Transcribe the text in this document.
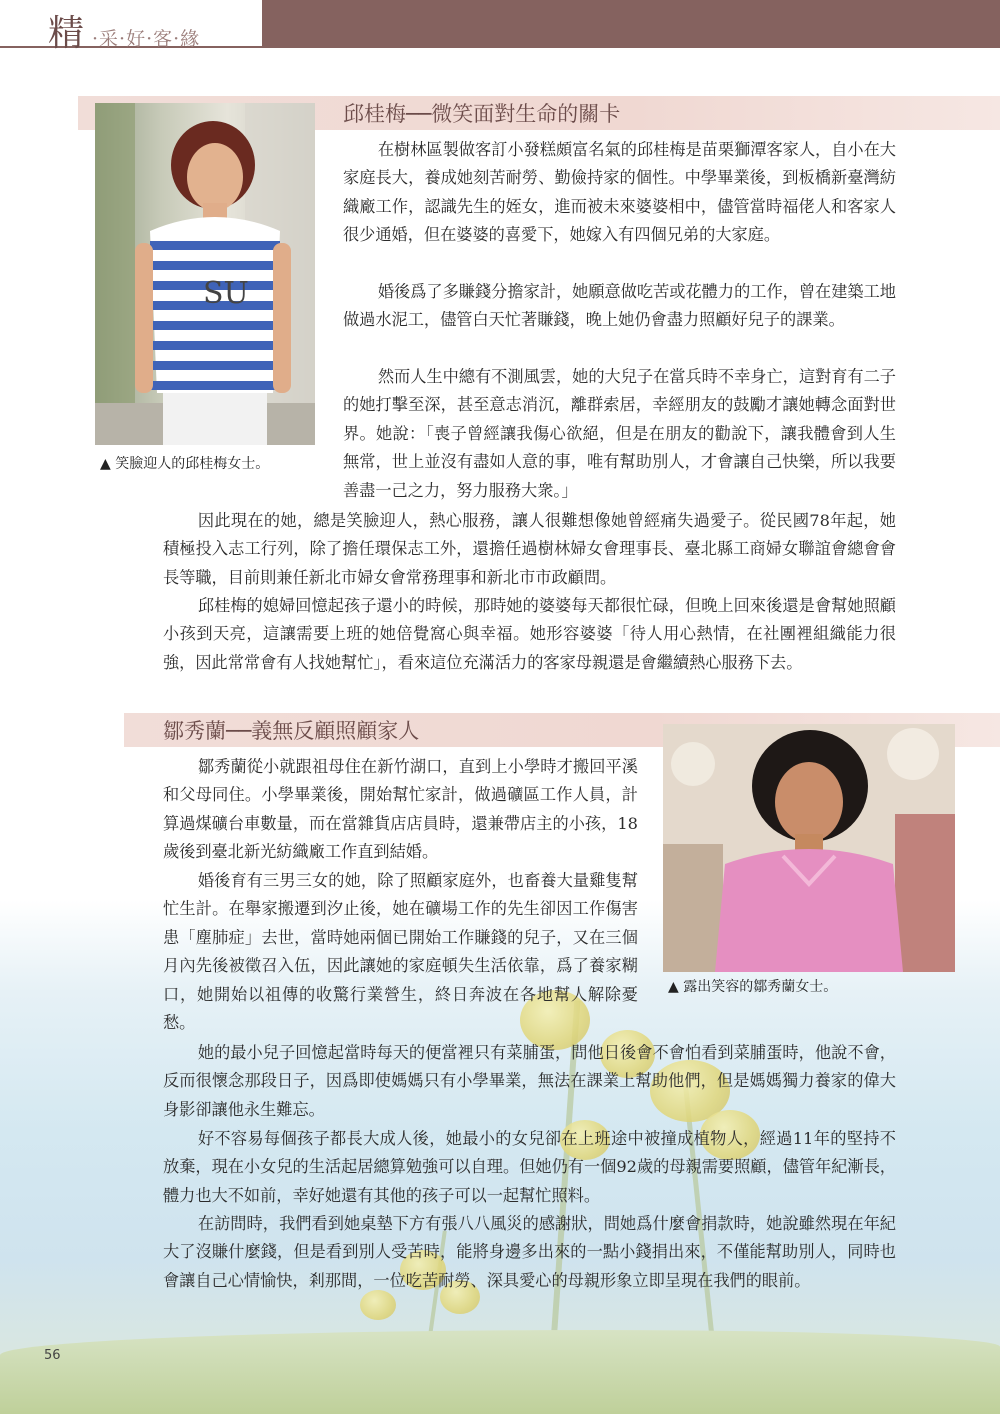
精 ·采·好·客·緣
邱桂梅──微笑面對生命的關卡
SU
▲ 笑臉迎人的邱桂梅女士。

在樹林區製做客訂小發糕頗富名氣的邱桂梅是苗栗獅潭客家人，自小在大家庭長大，養成她刻苦耐勞、勤儉持家的個性。中學畢業後，到板橋新臺灣紡織廠工作，認識先生的姪女，進而被未來婆婆相中，儘管當時福佬人和客家人很少通婚，但在婆婆的喜愛下，她嫁入有四個兄弟的大家庭。

婚後爲了多賺錢分擔家計，她願意做吃苦或花體力的工作，曾在建築工地做過水泥工，儘管白天忙著賺錢，晚上她仍會盡力照顧好兒子的課業。

然而人生中總有不測風雲，她的大兒子在當兵時不幸身亡，這對育有二子的她打擊至深，甚至意志消沉，離群索居，幸經朋友的鼓勵才讓她轉念面對世界。她說：「喪子曾經讓我傷心欲絕，但是在朋友的勸說下，讓我體會到人生無常，世上並沒有盡如人意的事，唯有幫助別人，才會讓自己快樂，所以我要善盡一己之力，努力服務大衆。」

因此現在的她，總是笑臉迎人，熱心服務，讓人很難想像她曾經痛失過愛子。從民國78年起，她積極投入志工行列，除了擔任環保志工外，還擔任過樹林婦女會理事長、臺北縣工商婦女聯誼會總會會長等職，目前則兼任新北市婦女會常務理事和新北市市政顧問。

邱桂梅的媳婦回憶起孩子還小的時候，那時她的婆婆每天都很忙碌，但晚上回來後還是會幫她照顧小孩到天亮，這讓需要上班的她倍覺窩心與幸福。她形容婆婆「待人用心熱情，在社團裡組織能力很強，因此常常會有人找她幫忙」，看來這位充滿活力的客家母親還是會繼續熱心服務下去。

鄒秀蘭──義無反顧照顧家人
▲ 露出笑容的鄒秀蘭女士。

鄒秀蘭從小就跟祖母住在新竹湖口，直到上小學時才搬回平溪和父母同住。小學畢業後，開始幫忙家計，做過礦區工作人員，計算過煤礦台車數量，而在當雜貨店店員時，還兼帶店主的小孩，18歲後到臺北新光紡織廠工作直到結婚。

婚後育有三男三女的她，除了照顧家庭外，也畜養大量雞隻幫忙生計。在舉家搬遷到汐止後，她在礦場工作的先生卻因工作傷害患「塵肺症」去世，當時她兩個已開始工作賺錢的兒子，又在三個月內先後被徵召入伍，因此讓她的家庭頓失生活依靠，爲了養家糊口，她開始以祖傳的收驚行業營生，終日奔波在各地幫人解除憂愁。

她的最小兒子回憶起當時每天的便當裡只有菜脯蛋，問他日後會不會怕看到菜脯蛋時，他說不會，反而很懷念那段日子，因爲即使媽媽只有小學畢業，無法在課業上幫助他們，但是媽媽獨力養家的偉大身影卻讓他永生難忘。

好不容易每個孩子都長大成人後，她最小的女兒卻在上班途中被撞成植物人，經過11年的堅持不放棄，現在小女兒的生活起居總算勉強可以自理。但她仍有一個92歲的母親需要照顧，儘管年紀漸長，體力也大不如前，幸好她還有其他的孩子可以一起幫忙照料。

在訪問時，我們看到她桌墊下方有張八八風災的感謝狀，問她爲什麼會捐款時，她說雖然現在年紀大了沒賺什麼錢，但是看到別人受苦時，能將身邊多出來的一點小錢捐出來，不僅能幫助別人，同時也會讓自己心情愉快，剎那間，一位吃苦耐勞、深具愛心的母親形象立即呈現在我們的眼前。

56
